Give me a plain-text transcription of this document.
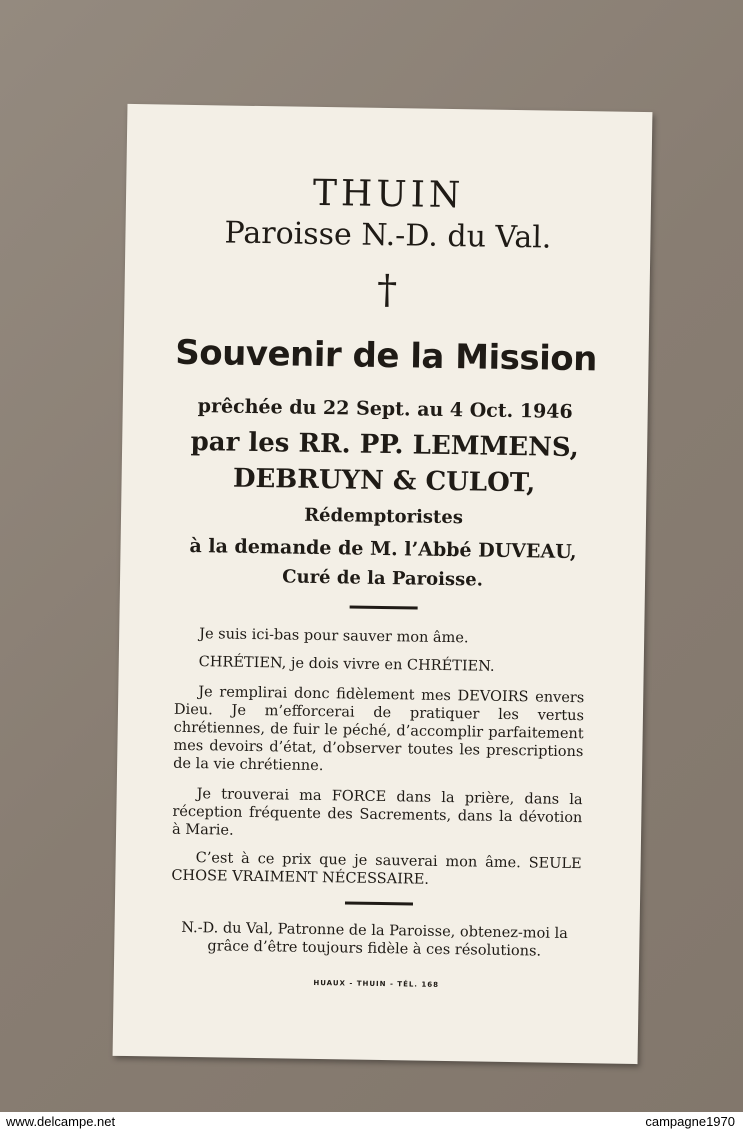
THUIN
Paroisse N.-D. du Val.
†
Souvenir de la Mission
prêchée du 22 Sept. au 4 Oct. 1946
par les RR. PP. LEMMENS,
DEBRUYN & CULOT,
Rédemptoristes
à la demande de M. l’Abbé DUVEAU,
Curé de la Paroisse.
Je suis ici-bas pour sauver mon âme.
CHRÉTIEN, je dois vivre en CHRÉTIEN.
Je remplirai donc fidèlement mes DEVOIRS envers Dieu. Je m’efforcerai de pratiquer les vertus chrétiennes, de fuir le péché, d’accomplir parfaitement mes devoirs d’état, d’observer toutes les prescriptions de la vie chrétienne.
Je trouverai ma FORCE dans la prière, dans la réception fréquente des Sacrements, dans la dévotion à Marie.
C’est à ce prix que je sauverai mon âme. SEULE CHOSE VRAIMENT NÉCESSAIRE.
N.-D. du Val, Patronne de la Paroisse, obtenez-moi la grâce d’être toujours fidèle à ces résolutions.
HUAUX - THUIN - TÉL. 168
www.delcampe.net	campagne1970
